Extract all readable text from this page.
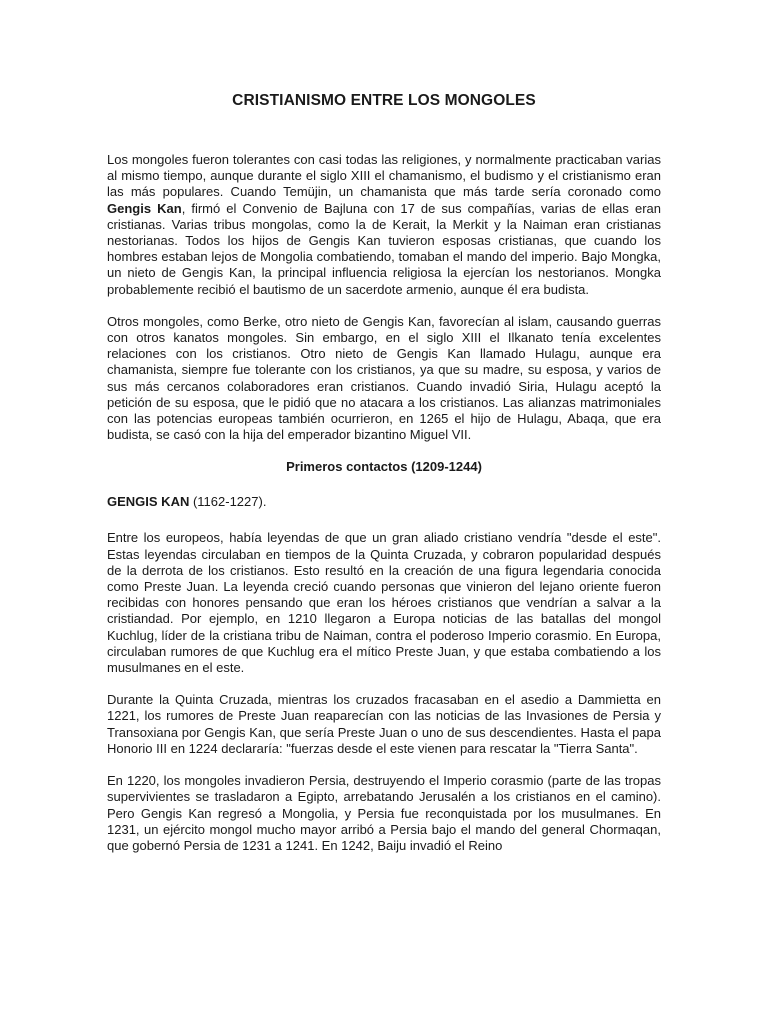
CRISTIANISMO ENTRE LOS MONGOLES

Los mongoles fueron tolerantes con casi todas las religiones, y normalmente practicaban varias al mismo tiempo, aunque durante el siglo XIII el chamanismo, el budismo y el cristianismo eran las más populares. Cuando Temüjin, un chamanista que más tarde sería coronado como Gengis Kan, firmó el Convenio de Bajluna con 17 de sus compañías, varias de ellas eran cristianas. Varias tribus mongolas, como la de Kerait, la Merkit y la Naiman eran cristianas nestorianas. Todos los hijos de Gengis Kan tuvieron esposas cristianas, que cuando los hombres estaban lejos de Mongolia combatiendo, tomaban el mando del imperio. Bajo Mongka, un nieto de Gengis Kan, la principal influencia religiosa la ejercían los nestorianos. Mongka probablemente recibió el bautismo de un sacerdote armenio, aunque él era budista.

Otros mongoles, como Berke, otro nieto de Gengis Kan, favorecían al islam, causando guerras con otros kanatos mongoles. Sin embargo, en el siglo XIII el Ilkanato tenía excelentes relaciones con los cristianos. Otro nieto de Gengis Kan llamado Hulagu, aunque era chamanista, siempre fue tolerante con los cristianos, ya que su madre, su esposa, y varios de sus más cercanos colaboradores eran cristianos. Cuando invadió Siria, Hulagu aceptó la petición de su esposa, que le pidió que no atacara a los cristianos. Las alianzas matrimoniales con las potencias europeas también ocurrieron, en 1265 el hijo de Hulagu, Abaqa, que era budista, se casó con la hija del emperador bizantino Miguel VII.

Primeros contactos (1209-1244)
GENGIS KAN (1162-1227).

Entre los europeos, había leyendas de que un gran aliado cristiano vendría "desde el este". Estas leyendas circulaban en tiempos de la Quinta Cruzada, y cobraron popularidad después de la derrota de los cristianos. Esto resultó en la creación de una figura legendaria conocida como Preste Juan. La leyenda creció cuando personas que vinieron del lejano oriente fueron recibidas con honores pensando que eran los héroes cristianos que vendrían a salvar a la cristiandad. Por ejemplo, en 1210 llegaron a Europa noticias de las batallas del mongol Kuchlug, líder de la cristiana tribu de Naiman, contra el poderoso Imperio corasmio. En Europa, circulaban rumores de que Kuchlug era el mítico Preste Juan, y que estaba combatiendo a los musulmanes en el este.

Durante la Quinta Cruzada, mientras los cruzados fracasaban en el asedio a Dammietta en 1221, los rumores de Preste Juan reaparecían con las noticias de las Invasiones de Persia y Transoxiana por Gengis Kan, que sería Preste Juan o uno de sus descendientes. Hasta el papa Honorio III en 1224 declararía: "fuerzas desde el este vienen para rescatar la "Tierra Santa".

En 1220, los mongoles invadieron Persia, destruyendo el Imperio corasmio (parte de las tropas supervivientes se trasladaron a Egipto, arrebatando Jerusalén a los cristianos en el camino). Pero Gengis Kan regresó a Mongolia, y Persia fue reconquistada por los musulmanes. En 1231, un ejército mongol mucho mayor arribó a Persia bajo el mando del general Chormaqan, que gobernó Persia de 1231 a 1241. En 1242, Baiju invadió el Reino
